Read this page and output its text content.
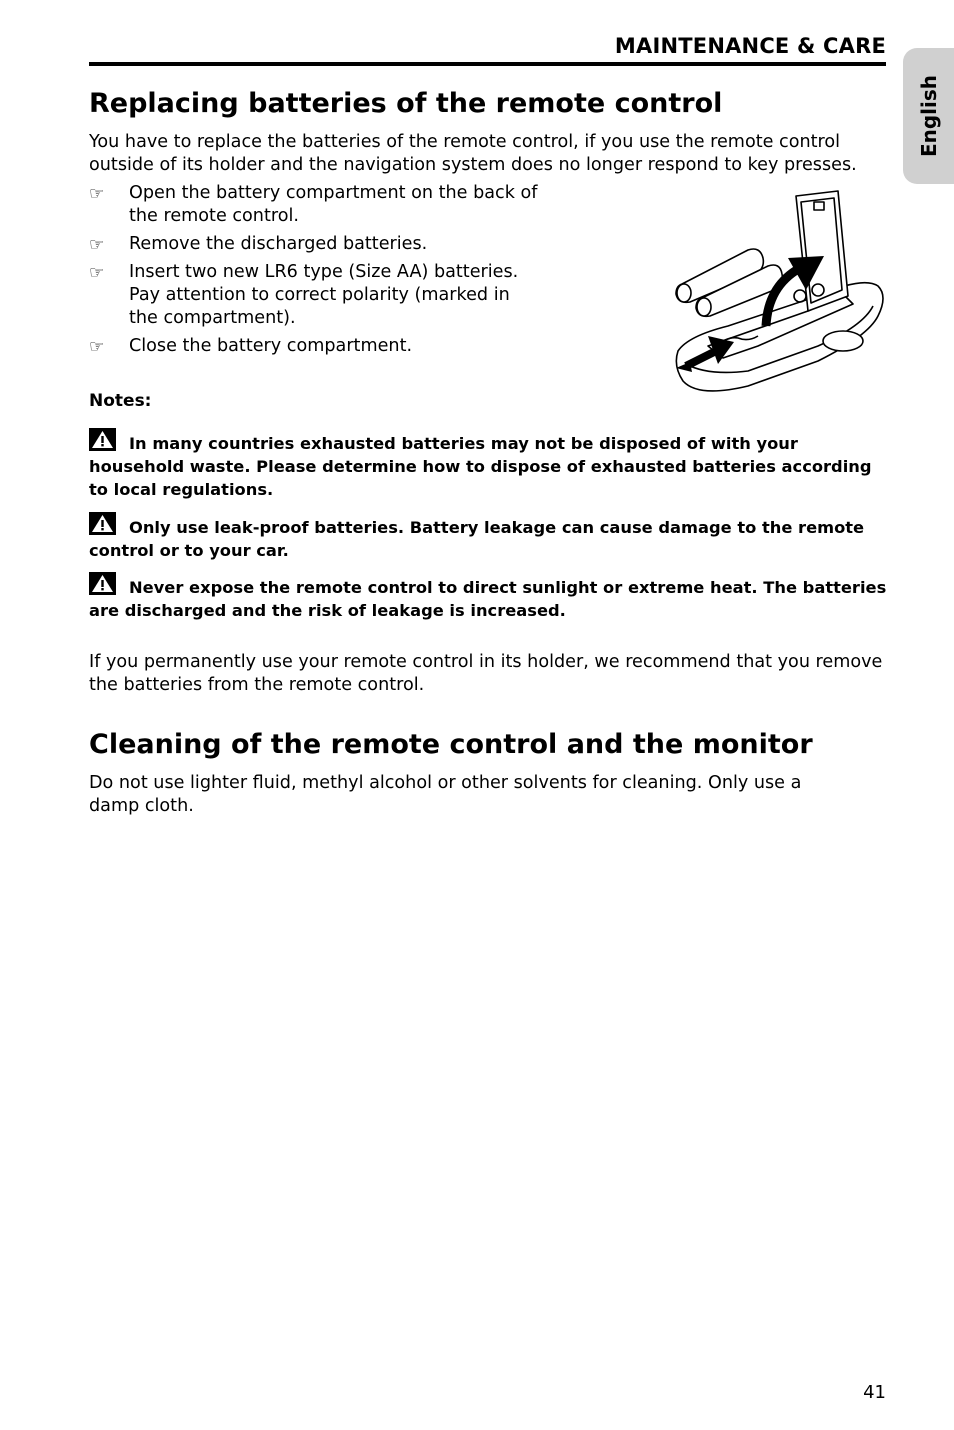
MAINTENANCE & CARE
English
Replacing batteries of the remote control

You have to replace the batteries of the remote control, if you use the remote control outside of its holder and the navigation system does no longer respond to key presses.

☞ Open the battery compartment on the back of the remote control.
☞ Remove the discharged batteries.
☞ Insert two new LR6 type (Size AA) batteries. Pay attention to correct polarity (marked in the compartment).
☞ Close the battery compartment.
Notes:
In many countries exhausted batteries may not be disposed of with your household waste. Please determine how to dispose of exhausted batteries according to local regulations.
Only use leak-proof batteries. Battery leakage can cause damage to the remote control or to your car.
Never expose the remote control to direct sunlight or extreme heat. The batteries are discharged and the risk of leakage is increased.

If you permanently use your remote control in its holder, we recommend that you remove the batteries from the remote control.

Cleaning of the remote control and the monitor

Do not use lighter fluid, methyl alcohol or other solvents for cleaning. Only use a damp cloth.

41
